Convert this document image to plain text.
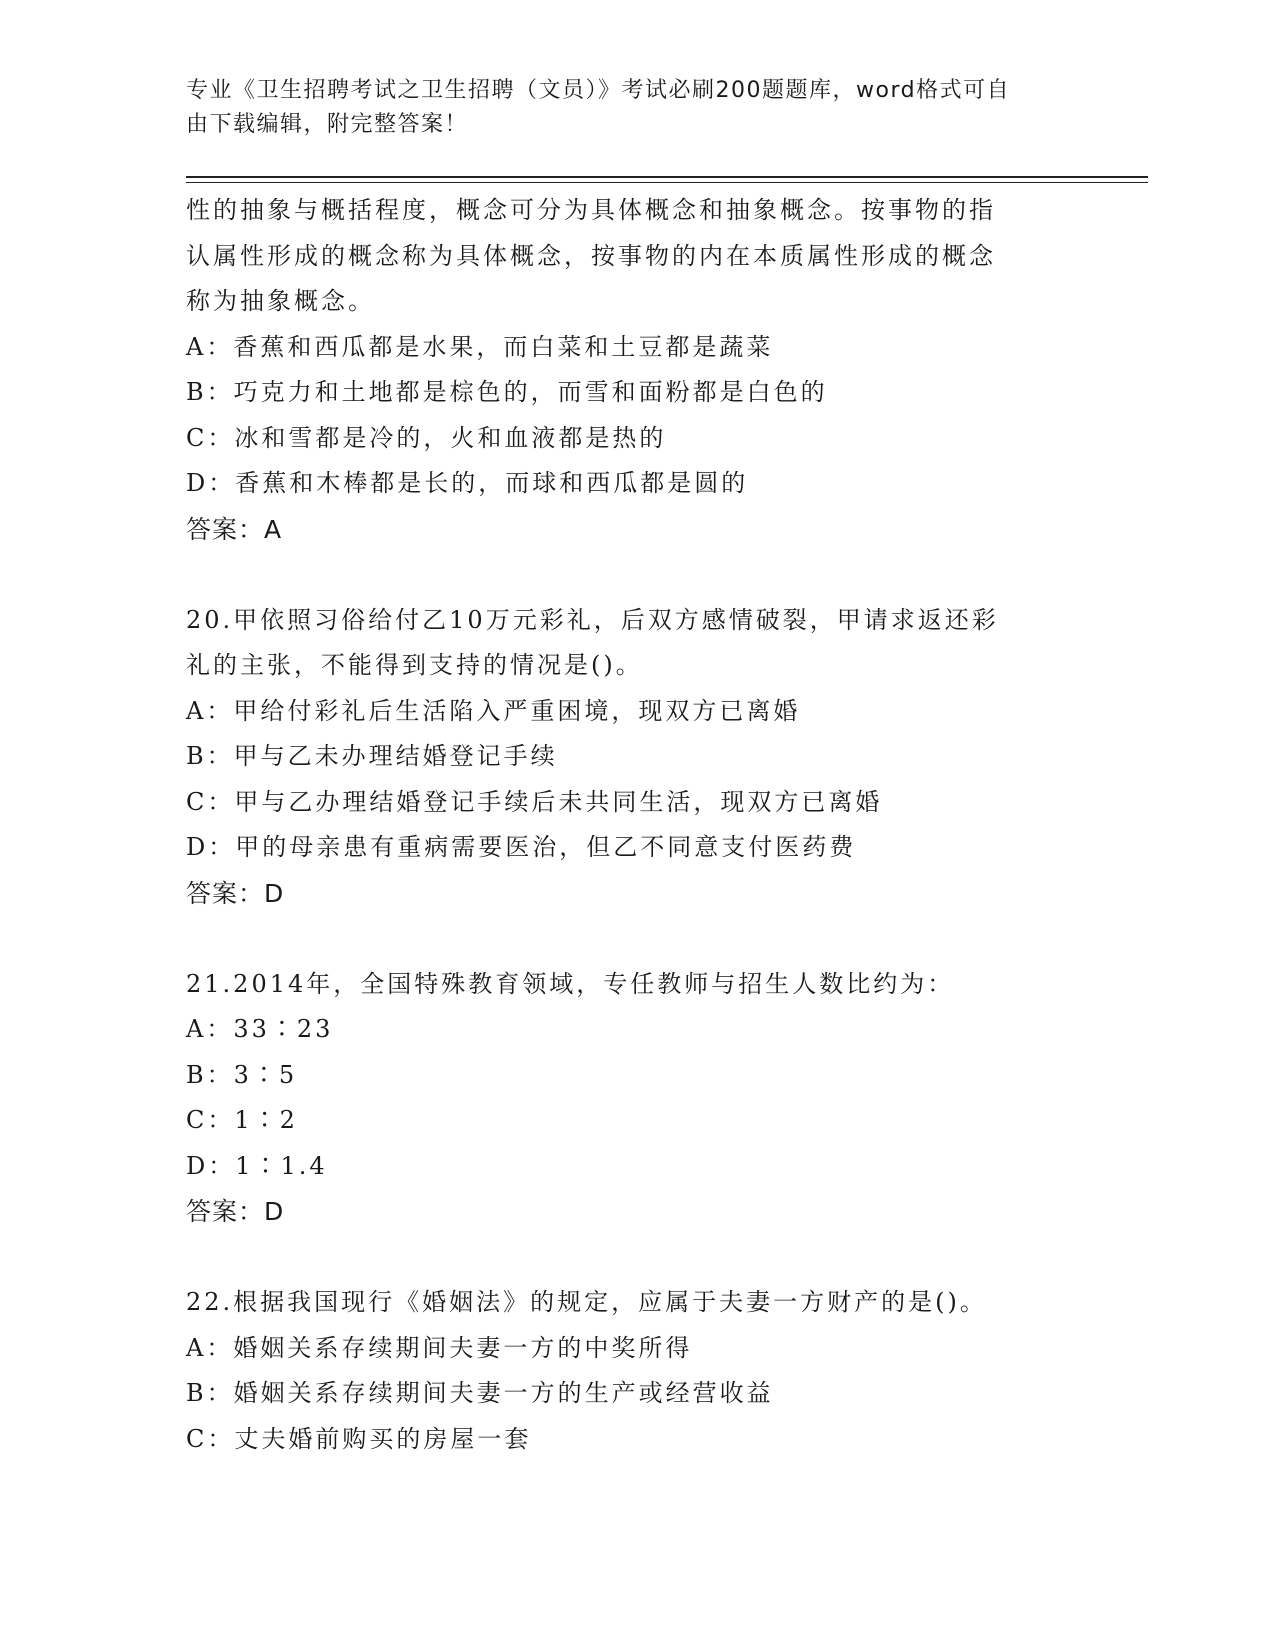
专业《卫生招聘考试之卫生招聘（文员）》考试必刷200题题库，word格式可自
由下载编辑，附完整答案！
性的抽象与概括程度，概念可分为具体概念和抽象概念。按事物的指
认属性形成的概念称为具体概念，按事物的内在本质属性形成的概念
称为抽象概念。
A：香蕉和西瓜都是水果，而白菜和土豆都是蔬菜
B：巧克力和土地都是棕色的，而雪和面粉都是白色的
C：冰和雪都是冷的，火和血液都是热的
D：香蕉和木棒都是长的，而球和西瓜都是圆的
答案：A
20.甲依照习俗给付乙10万元彩礼，后双方感情破裂，甲请求返还彩
礼的主张，不能得到支持的情况是()。
A：甲给付彩礼后生活陷入严重困境，现双方已离婚
B：甲与乙未办理结婚登记手续
C：甲与乙办理结婚登记手续后未共同生活，现双方已离婚
D：甲的母亲患有重病需要医治，但乙不同意支付医药费
答案：D
21.2014年，全国特殊教育领域，专任教师与招生人数比约为：
A：33∶23
B：3∶5
C：1∶2
D：1∶1.4
答案：D
22.根据我国现行《婚姻法》的规定，应属于夫妻一方财产的是()。
A：婚姻关系存续期间夫妻一方的中奖所得
B：婚姻关系存续期间夫妻一方的生产或经营收益
C：丈夫婚前购买的房屋一套
